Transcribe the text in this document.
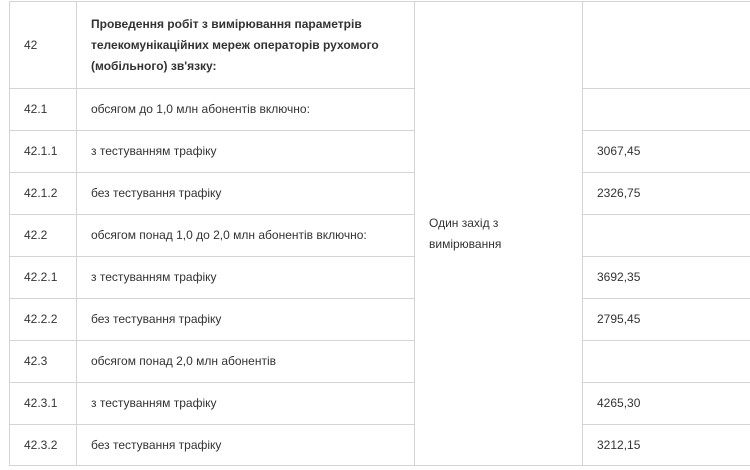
42	Проведення робіт з вимірювання параметрів телекомунікаційних мереж операторів рухомого (мобільного) зв'язку:	Один захід з вимірювання	
42.1	обсягом до 1,0 млн абонентів включно:		
42.1.1	з тестуванням трафіку		3067,45
42.1.2	без тестування трафіку		2326,75
42.2	обсягом понад 1,0 до 2,0 млн абонентів включно:		
42.2.1	з тестуванням трафіку		3692,35
42.2.2	без тестування трафіку		2795,45
42.3	обсягом понад 2,0 млн абонентів		
42.3.1	з тестуванням трафіку		4265,30
42.3.2	без тестування трафіку		3212,15
